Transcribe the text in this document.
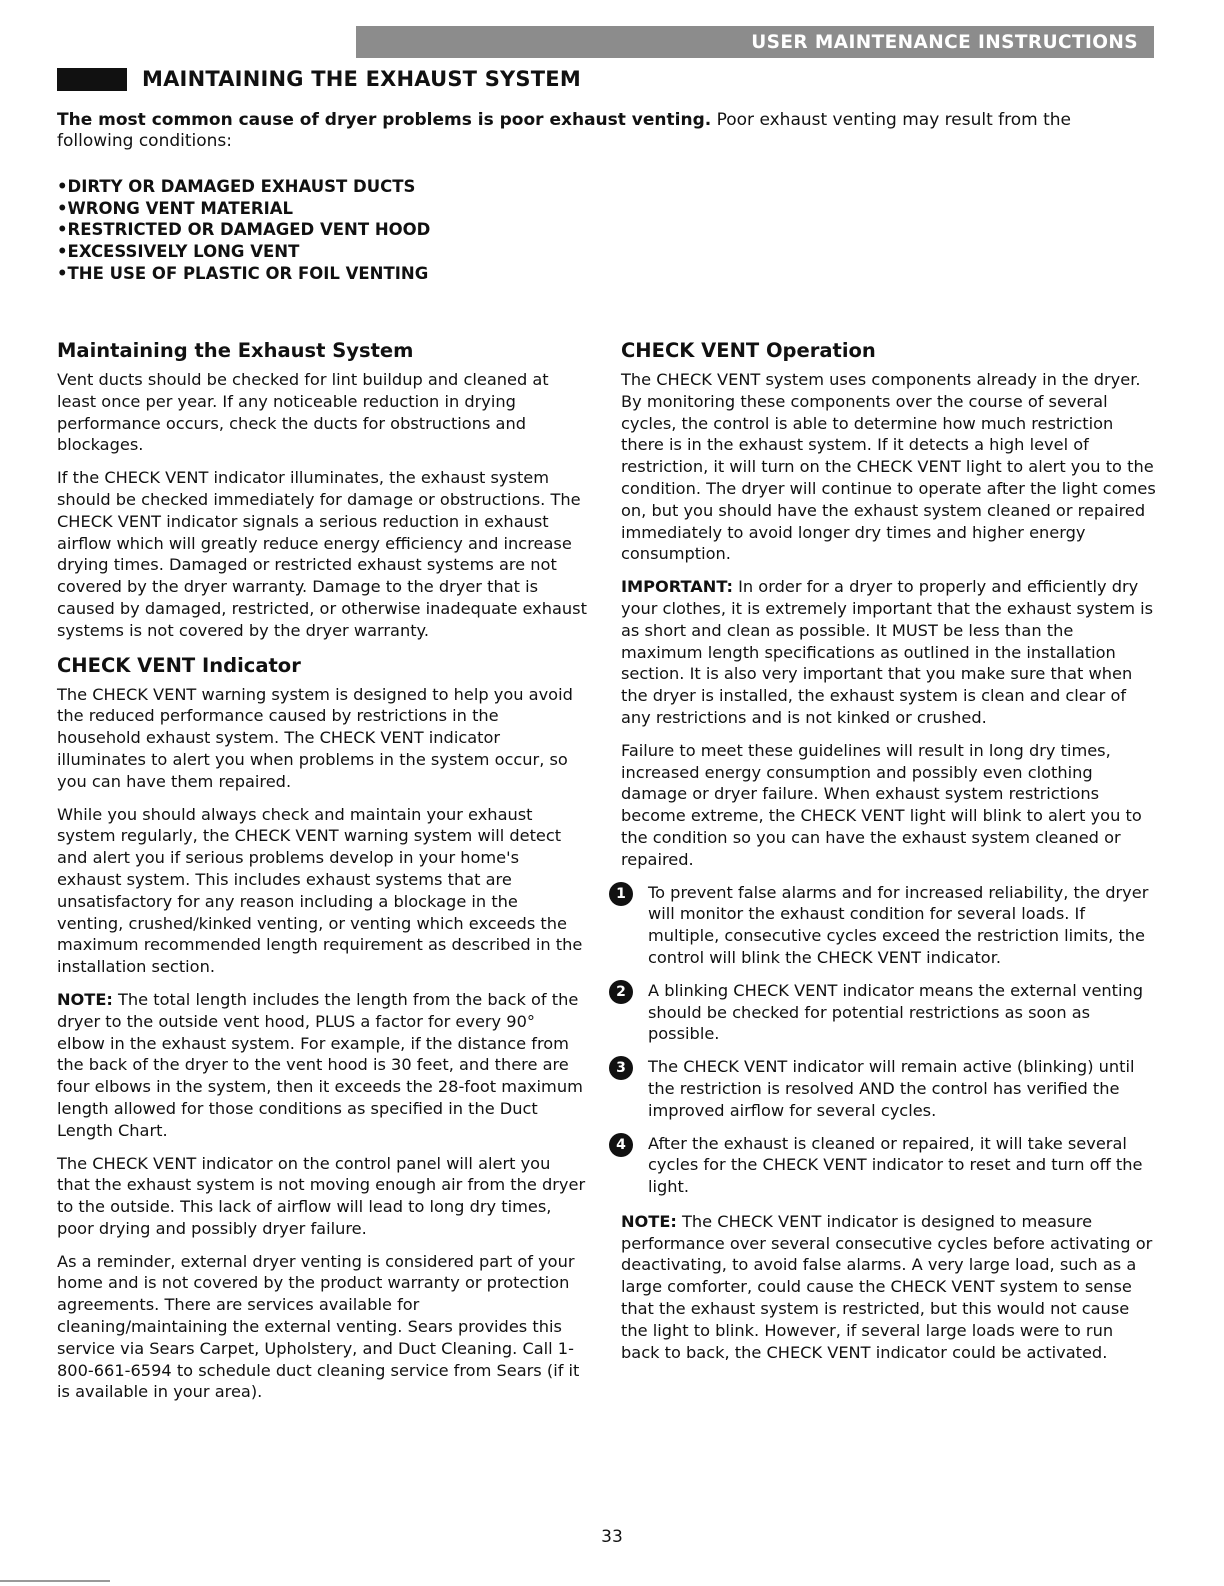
USER MAINTENANCE INSTRUCTIONS
MAINTAINING THE EXHAUST SYSTEM

The most common cause of dryer problems is poor exhaust venting. Poor exhaust venting may result from the following conditions:

•DIRTY OR DAMAGED EXHAUST DUCTS
•WRONG VENT MATERIAL
•RESTRICTED OR DAMAGED VENT HOOD
•EXCESSIVELY LONG VENT
•THE USE OF PLASTIC OR FOIL VENTING
Maintaining the Exhaust System

Vent ducts should be checked for lint buildup and cleaned at least once per year. If any noticeable reduction in drying performance occurs, check the ducts for obstructions and blockages.

If the CHECK VENT indicator illuminates, the exhaust system should be checked immediately for damage or obstructions. The CHECK VENT indicator signals a serious reduction in exhaust airflow which will greatly reduce energy efficiency and increase drying times. Damaged or restricted exhaust systems are not covered by the dryer warranty. Damage to the dryer that is caused by damaged, restricted, or otherwise inadequate exhaust systems is not covered by the dryer warranty.

CHECK VENT Indicator

The CHECK VENT warning system is designed to help you avoid the reduced performance caused by restrictions in the household exhaust system. The CHECK VENT indicator illuminates to alert you when problems in the system occur, so you can have them repaired.

While you should always check and maintain your exhaust system regularly, the CHECK VENT warning system will detect and alert you if serious problems develop in your home's exhaust system. This includes exhaust systems that are unsatisfactory for any reason including a blockage in the venting, crushed/kinked venting, or venting which exceeds the maximum recommended length requirement as described in the installation section.

NOTE: The total length includes the length from the back of the dryer to the outside vent hood, PLUS a factor for every 90° elbow in the exhaust system. For example, if the distance from the back of the dryer to the vent hood is 30 feet, and there are four elbows in the system, then it exceeds the 28-foot maximum length allowed for those conditions as specified in the Duct Length Chart.

The CHECK VENT indicator on the control panel will alert you that the exhaust system is not moving enough air from the dryer to the outside. This lack of airflow will lead to long dry times, poor drying and possibly dryer failure.

As a reminder, external dryer venting is considered part of your home and is not covered by the product warranty or protection agreements. There are services available for cleaning/maintaining the external venting. Sears provides this service via Sears Carpet, Upholstery, and Duct Cleaning. Call 1-800-661-6594 to schedule duct cleaning service from Sears (if it is available in your area).

CHECK VENT Operation

The CHECK VENT system uses components already in the dryer. By monitoring these components over the course of several cycles, the control is able to determine how much restriction there is in the exhaust system. If it detects a high level of restriction, it will turn on the CHECK VENT light to alert you to the condition. The dryer will continue to operate after the light comes on, but you should have the exhaust system cleaned or repaired immediately to avoid longer dry times and higher energy consumption.

IMPORTANT: In order for a dryer to properly and efficiently dry your clothes, it is extremely important that the exhaust system is as short and clean as possible. It MUST be less than the maximum length specifications as outlined in the installation section. It is also very important that you make sure that when the dryer is installed, the exhaust system is clean and clear of any restrictions and is not kinked or crushed.

Failure to meet these guidelines will result in long dry times, increased energy consumption and possibly even clothing damage or dryer failure. When exhaust system restrictions become extreme, the CHECK VENT light will blink to alert you to the condition so you can have the exhaust system cleaned or repaired.

1	To prevent false alarms and for increased reliability, the dryer will monitor the exhaust condition for several loads. If multiple, consecutive cycles exceed the restriction limits, the control will blink the CHECK VENT indicator.
2	A blinking CHECK VENT indicator means the external venting should be checked for potential restrictions as soon as possible.
3	The CHECK VENT indicator will remain active (blinking) until the restriction is resolved AND the control has verified the improved airflow for several cycles.
4	After the exhaust is cleaned or repaired, it will take several cycles for the CHECK VENT indicator to reset and turn off the light.

NOTE: The CHECK VENT indicator is designed to measure performance over several consecutive cycles before activating or deactivating, to avoid false alarms. A very large load, such as a large comforter, could cause the CHECK VENT system to sense that the exhaust system is restricted, but this would not cause the light to blink. However, if several large loads were to run back to back, the CHECK VENT indicator could be activated.

33
